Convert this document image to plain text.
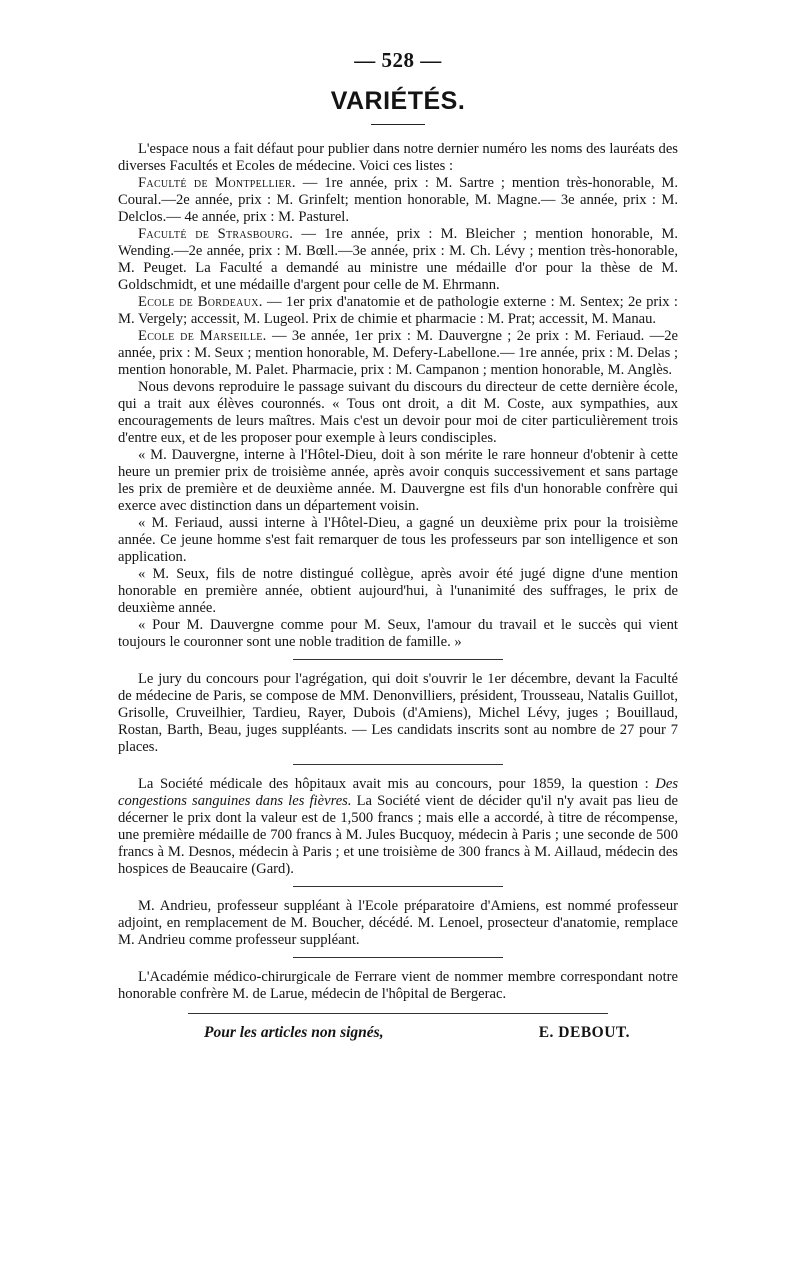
— 528 —
VARIÉTÉS.

L'espace nous a fait défaut pour publier dans notre dernier numéro les noms des lauréats des diverses Facultés et Ecoles de médecine. Voici ces listes :

Faculté de Montpellier. — 1re année, prix : M. Sartre ; mention très-honorable, M. Coural.—2e année, prix : M. Grinfelt; mention honorable, M. Magne.— 3e année, prix : M. Delclos.— 4e année, prix : M. Pasturel.

Faculté de Strasbourg. — 1re année, prix : M. Bleicher ; mention honorable, M. Wending.—2e année, prix : M. Bœll.—3e année, prix : M. Ch. Lévy ; mention très-honorable, M. Peuget. La Faculté a demandé au ministre une médaille d'or pour la thèse de M. Goldschmidt, et une médaille d'argent pour celle de M. Ehrmann.

Ecole de Bordeaux. — 1er prix d'anatomie et de pathologie externe : M. Sentex; 2e prix : M. Vergely; accessit, M. Lugeol. Prix de chimie et pharmacie : M. Prat; accessit, M. Manau.

Ecole de Marseille. — 3e année, 1er prix : M. Dauvergne ; 2e prix : M. Feriaud. —2e année, prix : M. Seux ; mention honorable, M. Defery-Labellone.— 1re année, prix : M. Delas ; mention honorable, M. Palet. Pharmacie, prix : M. Campanon ; mention honorable, M. Anglès.

Nous devons reproduire le passage suivant du discours du directeur de cette dernière école, qui a trait aux élèves couronnés. « Tous ont droit, a dit M. Coste, aux sympathies, aux encouragements de leurs maîtres. Mais c'est un devoir pour moi de citer particulièrement trois d'entre eux, et de les proposer pour exemple à leurs condisciples.

« M. Dauvergne, interne à l'Hôtel-Dieu, doit à son mérite le rare honneur d'obtenir à cette heure un premier prix de troisième année, après avoir conquis successivement et sans partage les prix de première et de deuxième année. M. Dauvergne est fils d'un honorable confrère qui exerce avec distinction dans un département voisin.

« M. Feriaud, aussi interne à l'Hôtel-Dieu, a gagné un deuxième prix pour la troisième année. Ce jeune homme s'est fait remarquer de tous les professeurs par son intelligence et son application.

« M. Seux, fils de notre distingué collègue, après avoir été jugé digne d'une mention honorable en première année, obtient aujourd'hui, à l'unanimité des suffrages, le prix de deuxième année.

« Pour M. Dauvergne comme pour M. Seux, l'amour du travail et le succès qui vient toujours le couronner sont une noble tradition de famille. »

Le jury du concours pour l'agrégation, qui doit s'ouvrir le 1er décembre, devant la Faculté de médecine de Paris, se compose de MM. Denonvilliers, président, Trousseau, Natalis Guillot, Grisolle, Cruveilhier, Tardieu, Rayer, Dubois (d'Amiens), Michel Lévy, juges ; Bouillaud, Rostan, Barth, Beau, juges suppléants. — Les candidats inscrits sont au nombre de 27 pour 7 places.

La Société médicale des hôpitaux avait mis au concours, pour 1859, la question : Des congestions sanguines dans les fièvres. La Société vient de décider qu'il n'y avait pas lieu de décerner le prix dont la valeur est de 1,500 francs ; mais elle a accordé, à titre de récompense, une première médaille de 700 francs à M. Jules Bucquoy, médecin à Paris ; une seconde de 500 francs à M. Desnos, médecin à Paris ; et une troisième de 300 francs à M. Aillaud, médecin des hospices de Beaucaire (Gard).

M. Andrieu, professeur suppléant à l'Ecole préparatoire d'Amiens, est nommé professeur adjoint, en remplacement de M. Boucher, décédé. M. Lenoel, prosecteur d'anatomie, remplace M. Andrieu comme professeur suppléant.

L'Académie médico-chirurgicale de Ferrare vient de nommer membre correspondant notre honorable confrère M. de Larue, médecin de l'hôpital de Bergerac.

Pour les articles non signés,	E. DEBOUT.
